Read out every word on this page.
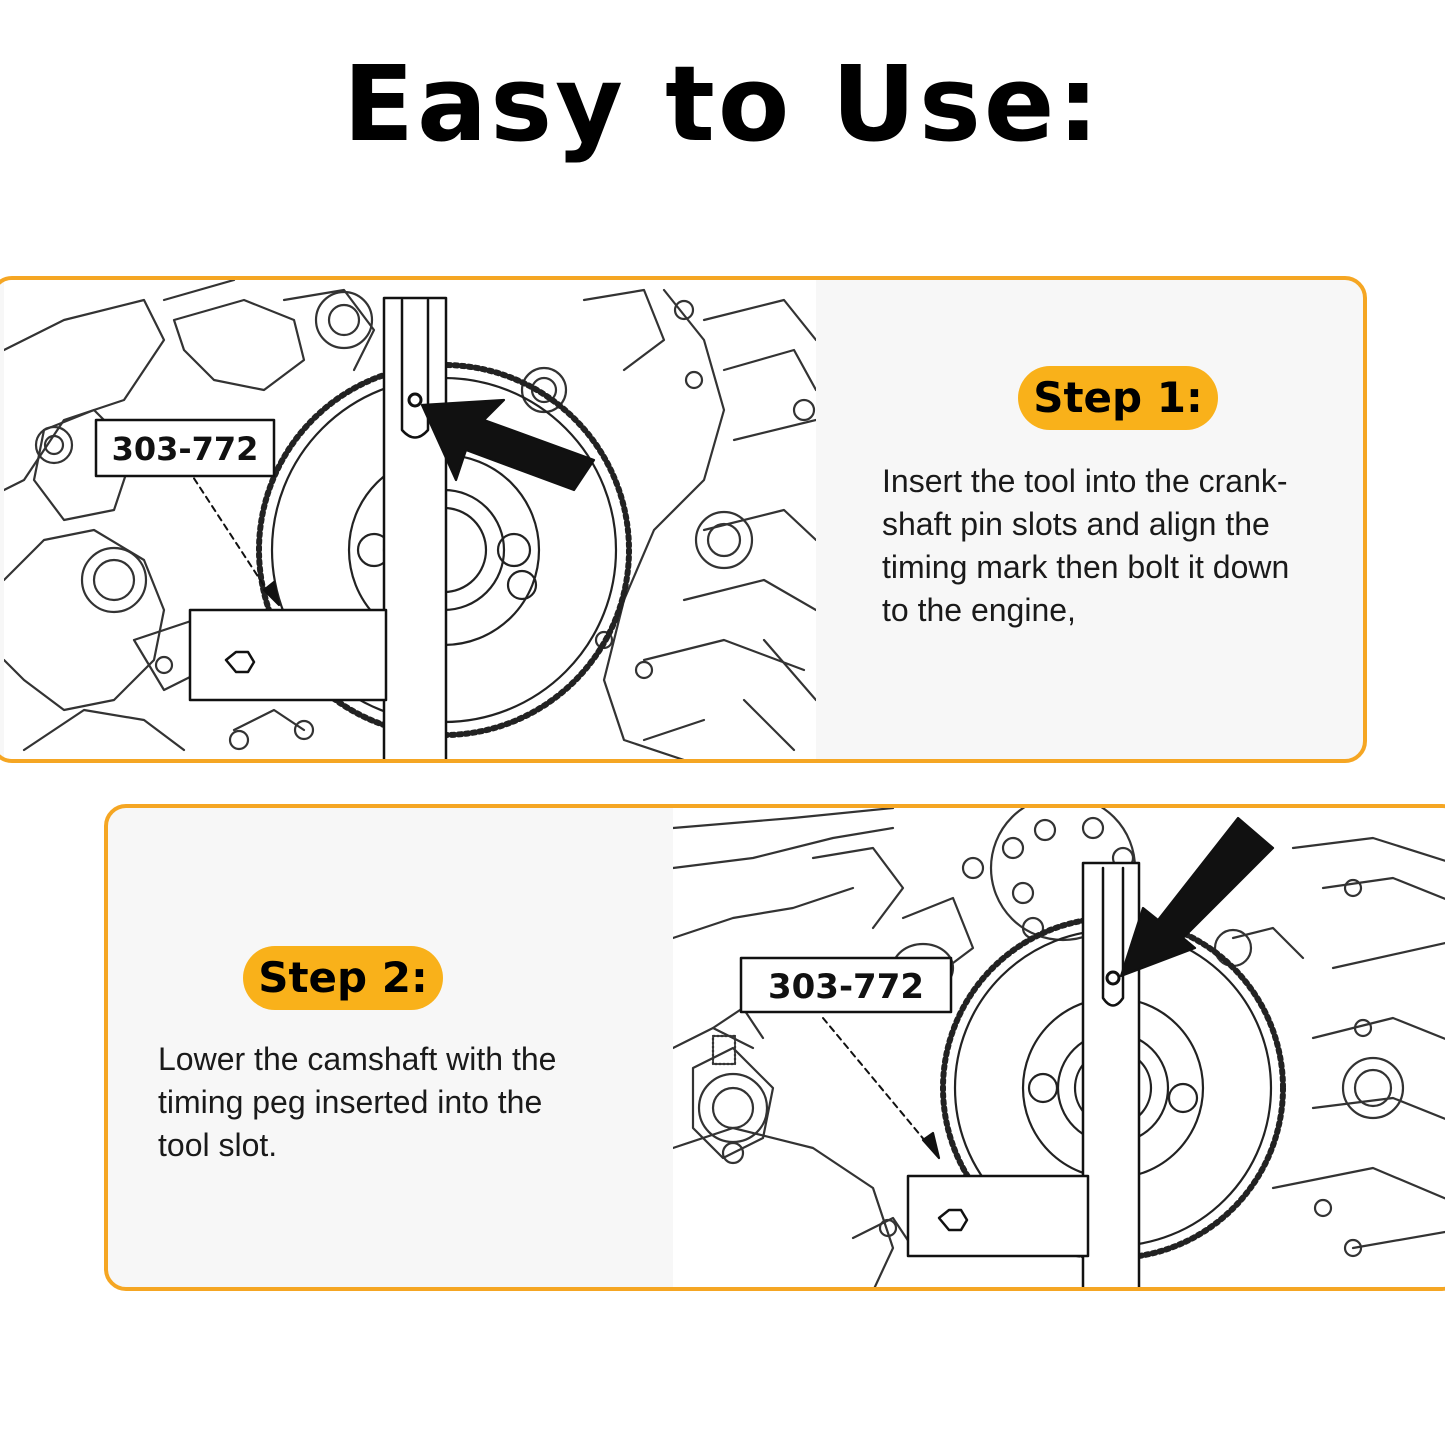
Easy to Use:
303-772
Step 1:
Insert the tool into the crank-
shaft pin slots and align the
timing mark then bolt it down
to the engine,
Step 2:
Lower the camshaft with the
timing peg inserted into the
tool slot.
303-772
